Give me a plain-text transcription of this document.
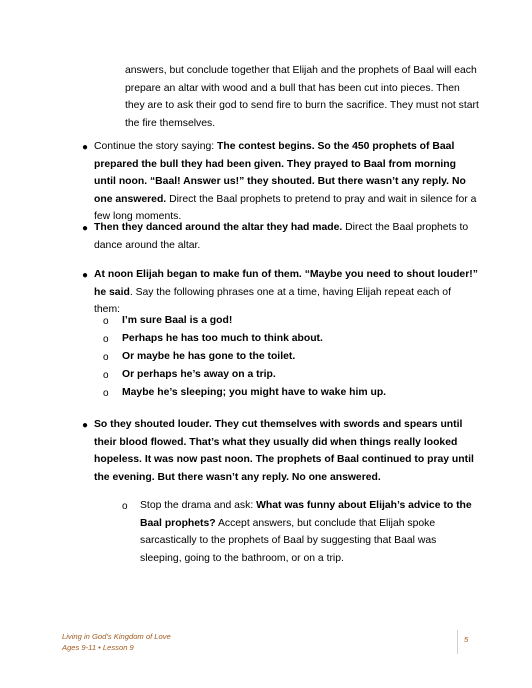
answers, but conclude together that Elijah and the prophets of Baal will each prepare an altar with wood and a bull that has been cut into pieces. Then they are to ask their god to send fire to burn the sacrifice. They must not start the fire themselves.
● Continue the story saying: The contest begins. So the 450 prophets of Baal prepared the bull they had been given. They prayed to Baal from morning until noon. “Baal! Answer us!” they shouted. But there wasn’t any reply. No one answered. Direct the Baal prophets to pretend to pray and wait in silence for a few long moments.
● Then they danced around the altar they had made. Direct the Baal prophets to dance around the altar.
● At noon Elijah began to make fun of them. “Maybe you need to shout louder!” he said. Say the following phrases one at a time, having Elijah repeat each of them:
o I’m sure Baal is a god!
o Perhaps he has too much to think about.
o Or maybe he has gone to the toilet.
o Or perhaps he’s away on a trip.
o Maybe he’s sleeping; you might have to wake him up.
● So they shouted louder. They cut themselves with swords and spears until their blood flowed. That’s what they usually did when things really looked hopeless. It was now past noon. The prophets of Baal continued to pray until the evening. But there wasn’t any reply. No one answered.
o Stop the drama and ask: What was funny about Elijah’s advice to the Baal prophets? Accept answers, but conclude that Elijah spoke sarcastically to the prophets of Baal by suggesting that Baal was sleeping, going to the bathroom, or on a trip.
Living in God’s Kingdom of Love
Ages 9-11 • Lesson 9
5
